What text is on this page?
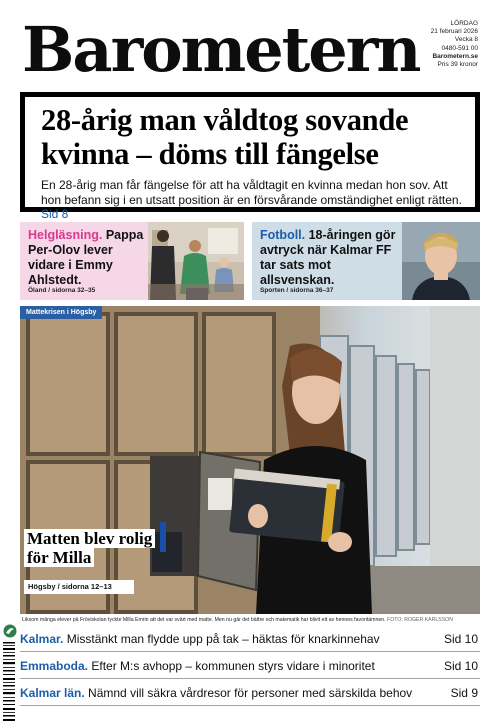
Barometern	LÖRDAG
21 februari 2026
Vecka 8
0480-591 00
Barometern.se
Pris 39 kronor
28-årig man våldtog sovande kvinna – döms till fängelse

En 28-årig man får fängelse för att ha våldtagit en kvinna medan hon sov. Att hon befann sig i en utsatt position är en försvårande omständighet enligt rätten. Sid 8

Helgläsning. Pappa Per-Olov lever vidare i Emmy Ahlstedt.
Öland / sidorna 32–35
Fotboll. 18-åringen gör avtryck när Kalmar FF tar sats mot allsvenskan.
Sporten / sidorna 36–37
Mattekrisen i Högsby
Matten blev rolig för Milla
Högsby / sidorna 12–13
Liksom många elever på Fröviskolan tyckte Milla Emrin att det var svårt med matte. Men nu går det bättre och matematik har blivit ett av hennes favoritämnen. FOTO: ROGER KARLSSON
Kalmar. Misstänkt man flydde upp på tak – häktas för knarkinnehav	Sid 10
Emmaboda. Efter M:s avhopp – kommunen styrs vidare i minoritet	Sid 10
Kalmar län. Nämnd vill säkra vårdresor för personer med särskilda behov	Sid 9
